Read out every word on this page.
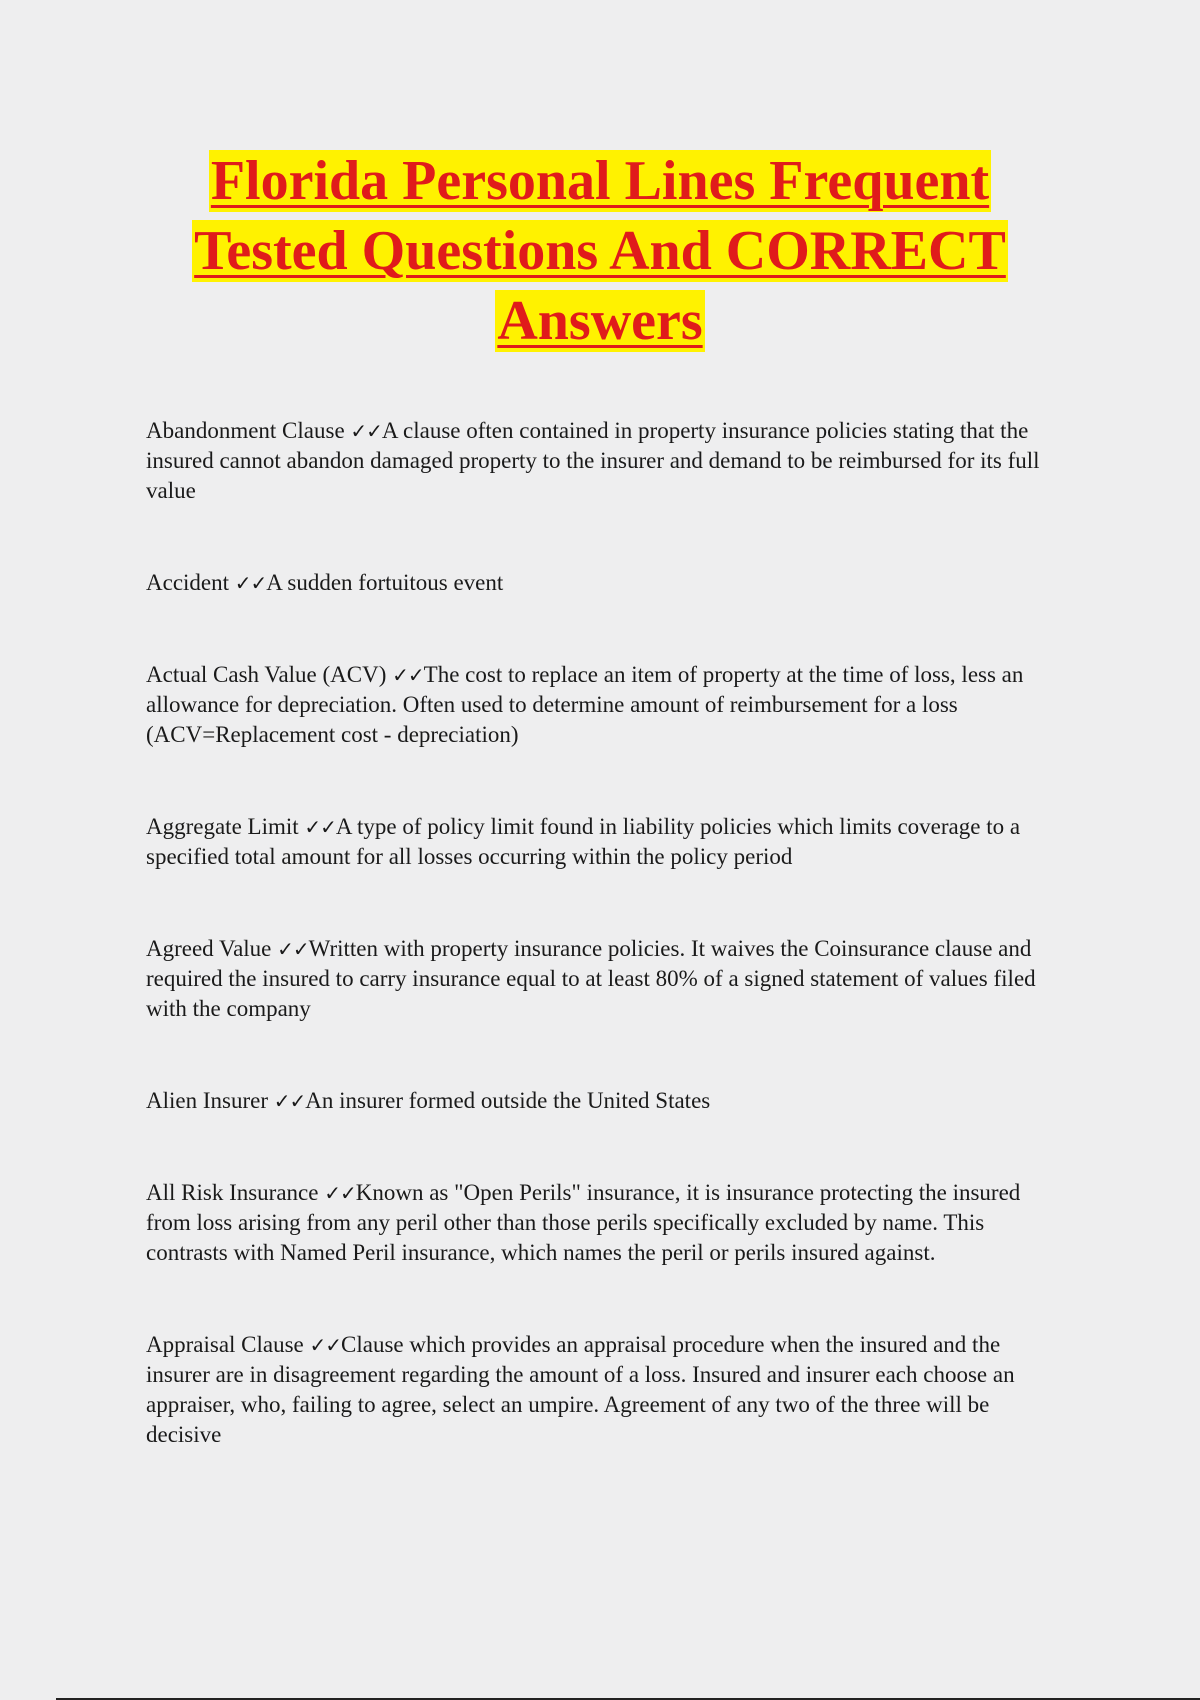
Florida Personal Lines Frequent
Tested Questions And CORRECT
Answers

Abandonment Clause ✓✓A clause often contained in property insurance policies stating that the insured cannot abandon damaged property to the insurer and demand to be reimbursed for its full value

Accident ✓✓A sudden fortuitous event

Actual Cash Value (ACV) ✓✓The cost to replace an item of property at the time of loss, less an allowance for depreciation. Often used to determine amount of reimbursement for a loss (ACV=Replacement cost - depreciation)

Aggregate Limit ✓✓A type of policy limit found in liability policies which limits coverage to a specified total amount for all losses occurring within the policy period

Agreed Value ✓✓Written with property insurance policies. It waives the Coinsurance clause and required the insured to carry insurance equal to at least 80% of a signed statement of values filed with the company

Alien Insurer ✓✓An insurer formed outside the United States

All Risk Insurance ✓✓Known as "Open Perils" insurance, it is insurance protecting the insured from loss arising from any peril other than those perils specifically excluded by name. This contrasts with Named Peril insurance, which names the peril or perils insured against.

Appraisal Clause ✓✓Clause which provides an appraisal procedure when the insured and the insurer are in disagreement regarding the amount of a loss. Insured and insurer each choose an appraiser, who, failing to agree, select an umpire. Agreement of any two of the three will be decisive
